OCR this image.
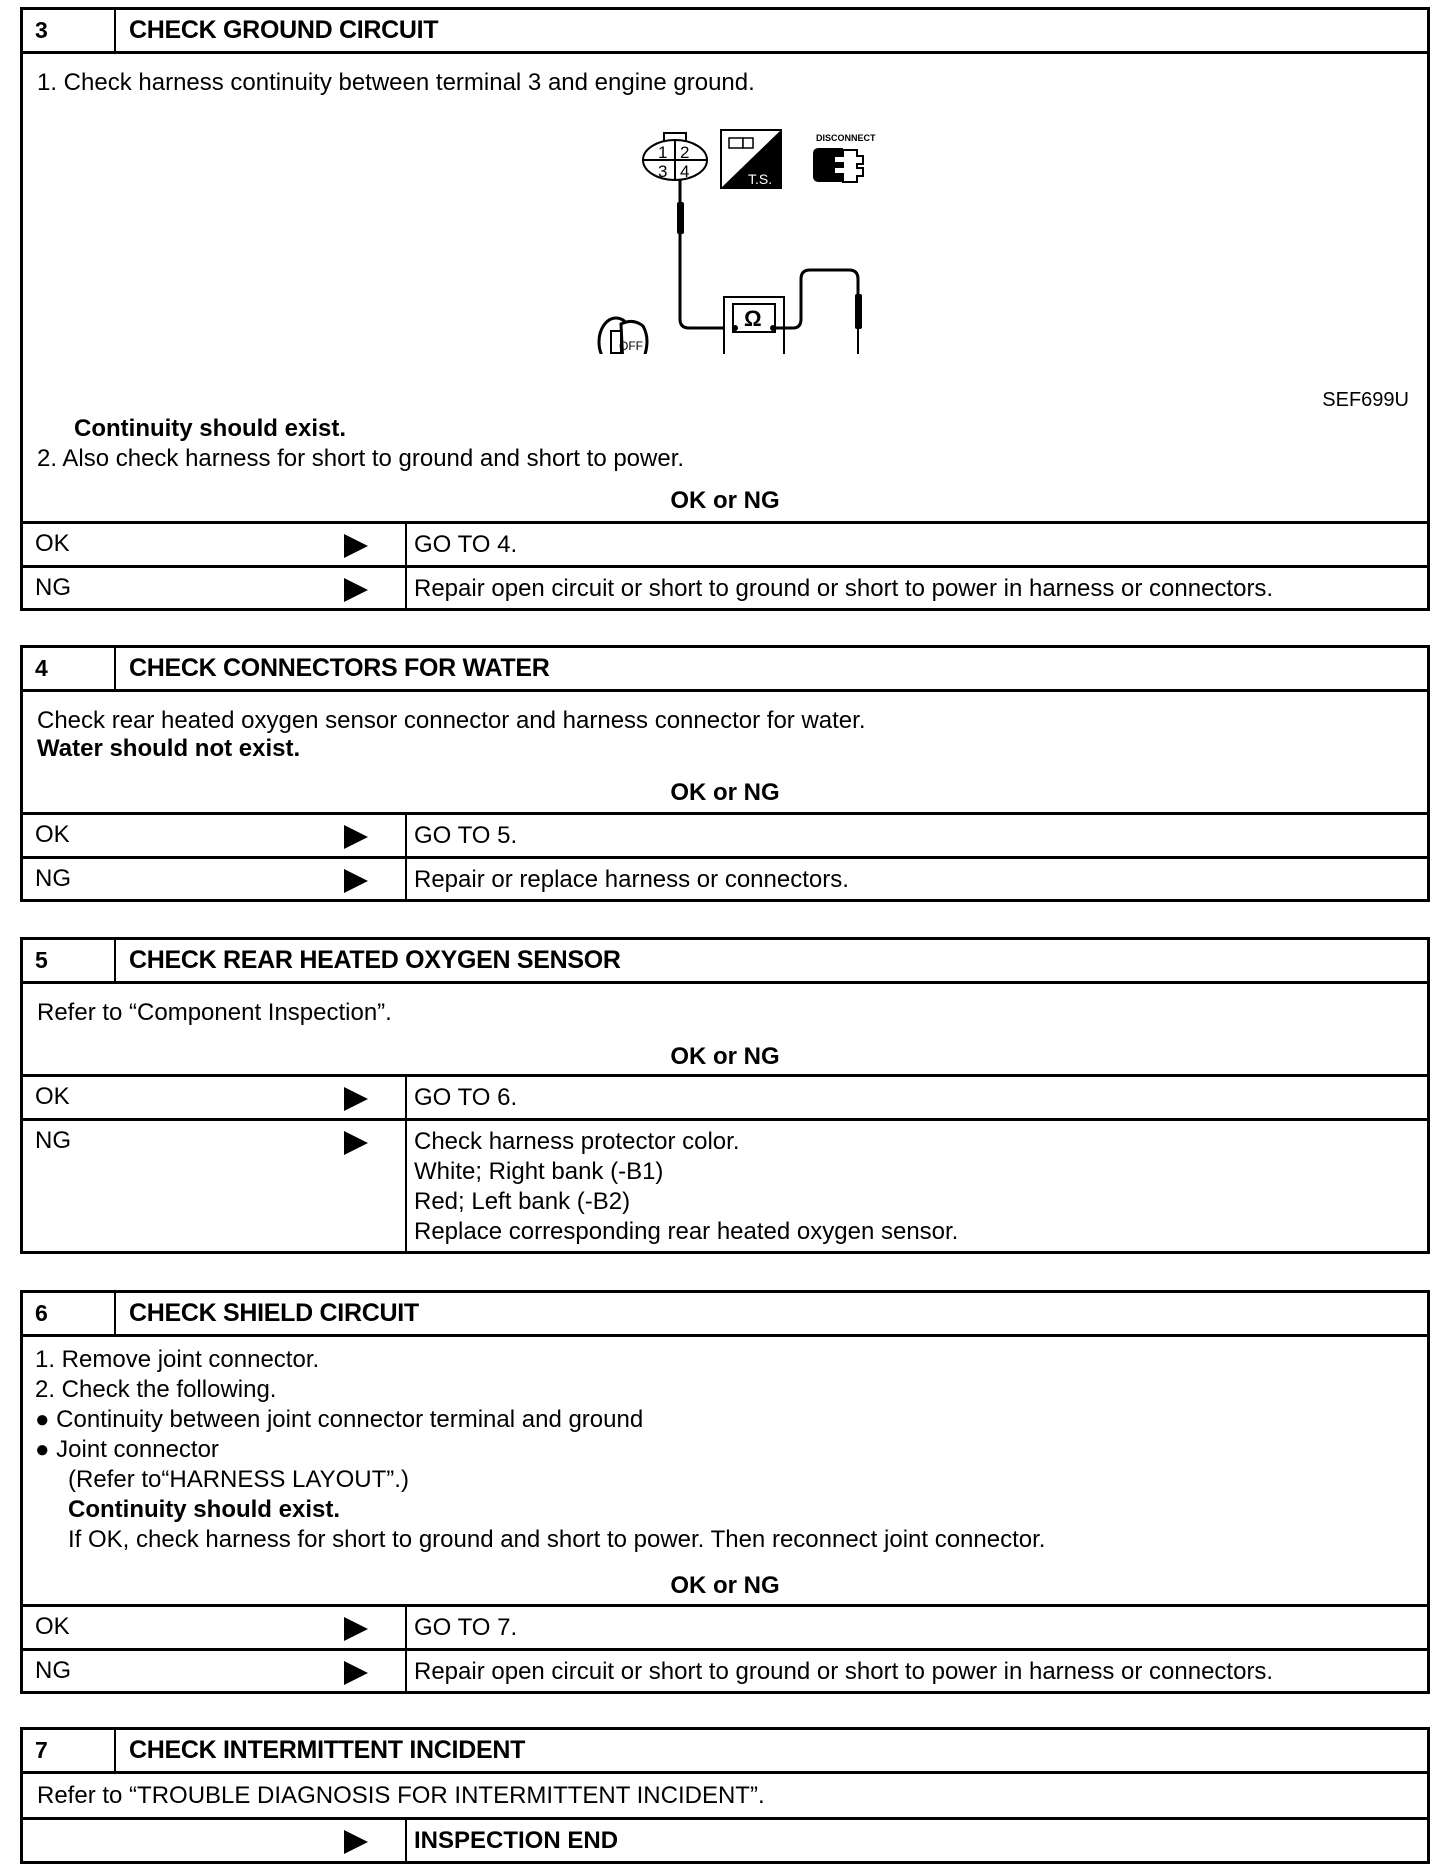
3	CHECK GROUND CIRCUIT
1. Check harness continuity between terminal 3 and engine ground.
1 2
3 4	T.S.
DISCONNECT
Ω
OFF
SEF699U
Continuity should exist.
2. Also check harness for short to ground and short to power.
OK or NG
OK	GO TO 4.
NG	Repair open circuit or short to ground or short to power in harness or connectors.
4	CHECK CONNECTORS FOR WATER
Check rear heated oxygen sensor connector and harness connector for water.
Water should not exist.
OK or NG
OK	GO TO 5.
NG	Repair or replace harness or connectors.
5	CHECK REAR HEATED OXYGEN SENSOR
Refer to “Component Inspection”.
OK or NG
OK	GO TO 6.
NG	Check harness protector color.
White; Right bank (-B1)
Red; Left bank (-B2)
Replace corresponding rear heated oxygen sensor.
6	CHECK SHIELD CIRCUIT
1. Remove joint connector.
2. Check the following.
● Continuity between joint connector terminal and ground
● Joint connector
(Refer to“HARNESS LAYOUT”.)
Continuity should exist.
If OK, check harness for short to ground and short to power. Then reconnect joint connector.
OK or NG
OK	GO TO 7.
NG	Repair open circuit or short to ground or short to power in harness or connectors.
7	CHECK INTERMITTENT INCIDENT
Refer to “TROUBLE DIAGNOSIS FOR INTERMITTENT INCIDENT”.
INSPECTION END
